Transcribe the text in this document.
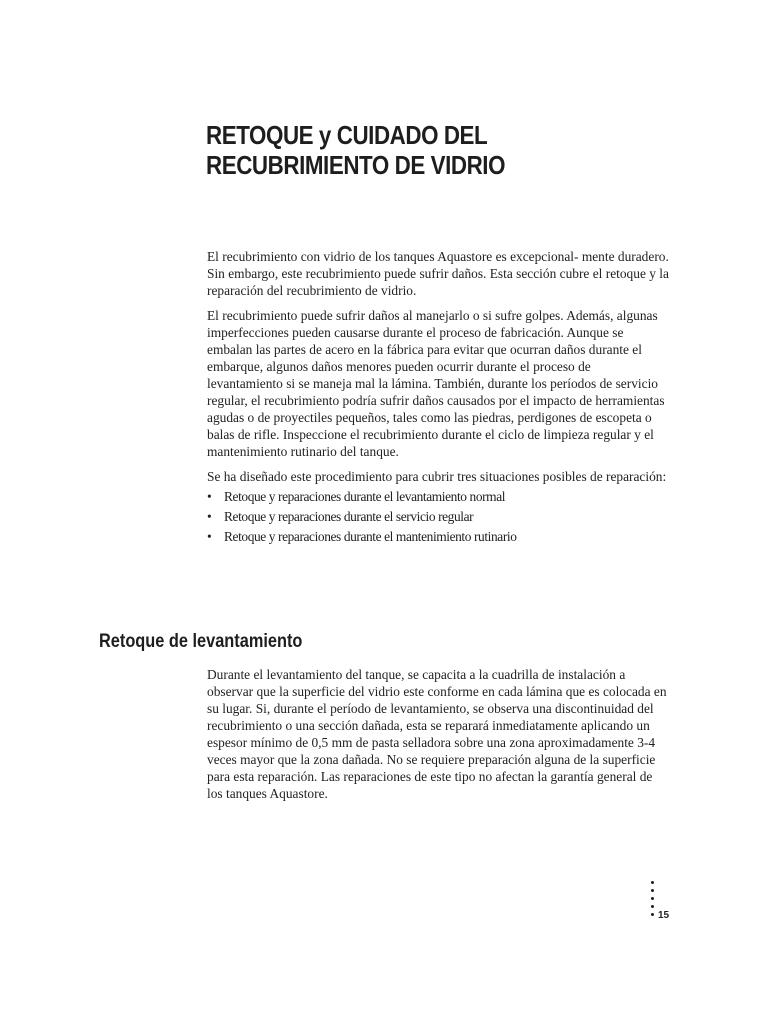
RETOQUE y CUIDADO DEL
RECUBRIMIENTO DE VIDRIO

El recubrimiento con vidrio de los tanques Aquastore es excepcional- mente duradero. Sin embargo, este recubrimiento puede sufrir daños. Esta sección cubre el retoque y la reparación del recubrimiento de vidrio.

El recubrimiento puede sufrir daños al manejarlo o si sufre golpes. Además, algunas imperfecciones pueden causarse durante el proceso de fabricación. Aunque se embalan las partes de acero en la fábrica para evitar que ocurran daños durante el embarque, algunos daños menores pueden ocurrir durante el proceso de levantamiento si se maneja mal la lámina. También, durante los períodos de servicio regular, el recubrimiento podría sufrir daños causados por el impacto de herramientas agudas o de proyectiles pequeños, tales como las piedras, perdigones de escopeta o balas de rifle. Inspeccione el recubrimiento durante el ciclo de limpieza regular y el mantenimiento rutinario del tanque.

Se ha diseñado este procedimiento para cubrir tres situaciones posibles de reparación:

• Retoque y reparaciones durante el levantamiento normal
• Retoque y reparaciones durante el servicio regular
• Retoque y reparaciones durante el mantenimiento rutinario
Retoque de levantamiento

Durante el levantamiento del tanque, se capacita a la cuadrilla de instalación a observar que la superficie del vidrio este conforme en cada lámina que es colocada en su lugar. Si, durante el período de levantamiento, se observa una discontinuidad del recubrimiento o una sección dañada, esta se reparará inmediatamente aplicando un espesor mínimo de 0,5 mm de pasta selladora sobre una zona aproximadamente 3-4 veces mayor que la zona dañada. No se requiere preparación alguna de la superficie para esta reparación. Las reparaciones de este tipo no afectan la garantía general de los tanques Aquastore.

15
